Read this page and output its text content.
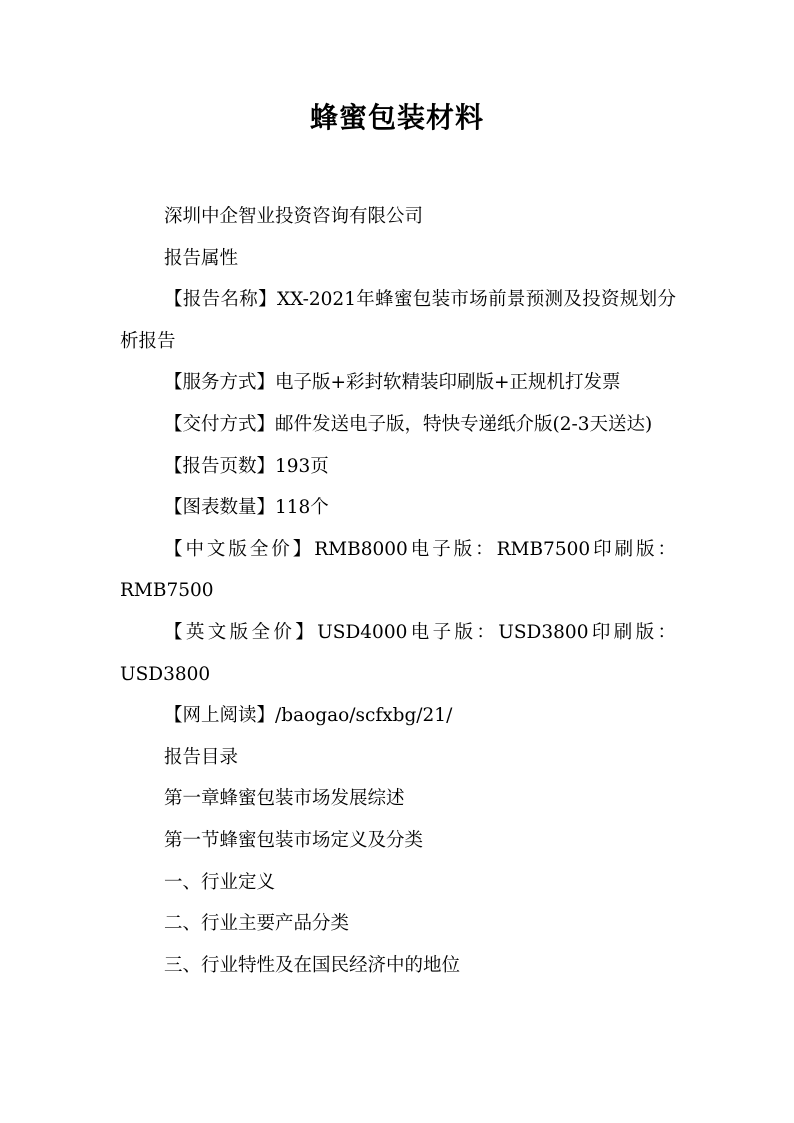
蜂蜜包装材料

深圳中企智业投资咨询有限公司

报告属性

【报告名称】XX-2021年蜂蜜包装市场前景预测及投资规划分析报告

【服务方式】电子版+彩封软精装印刷版+正规机打发票

【交付方式】邮件发送电子版，特快专递纸介版(2-3天送达)

【报告页数】193页

【图表数量】118个

【中文版全价】RMB8000电子版：RMB7500印刷版：RMB7500

【英文版全价】USD4000电子版：USD3800印刷版：USD3800

【网上阅读】/baogao/scfxbg/21/

报告目录

第一章蜂蜜包装市场发展综述

第一节蜂蜜包装市场定义及分类

一、行业定义

二、行业主要产品分类

三、行业特性及在国民经济中的地位
